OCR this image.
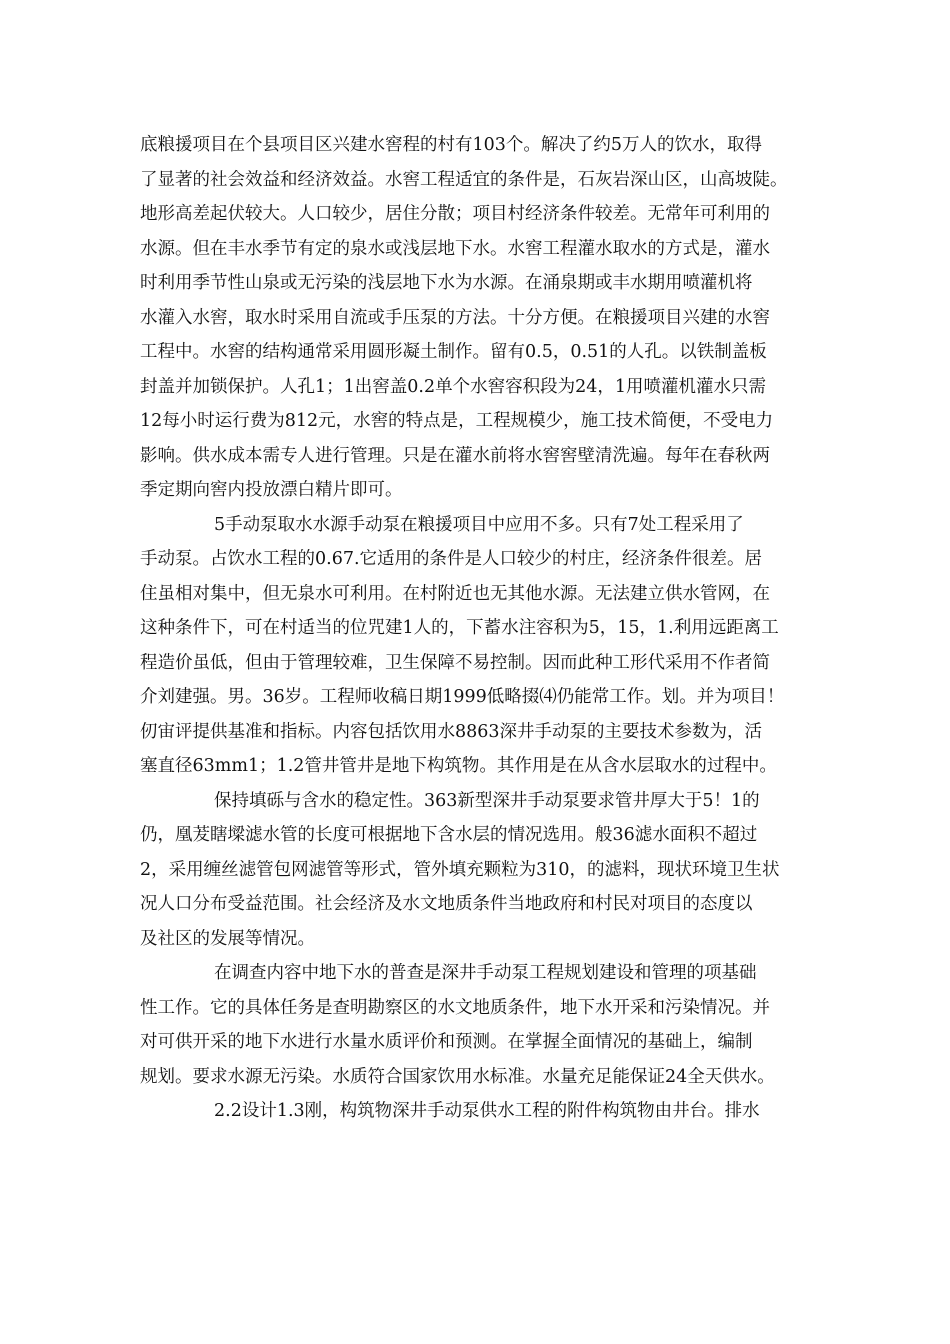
底粮援项目在个县项目区兴建水窖程的村有103个。解决了约5万人的饮水，取得
了显著的社会效益和经济效益。水窖工程适宜的条件是，石灰岩深山区，山高坡陡。
地形高差起伏较大。人口较少，居住分散；项目村经济条件较差。无常年可利用的
水源。但在丰水季节有定的泉水或浅层地下水。水窖工程灌水取水的方式是，灌水
时利用季节性山泉或无污染的浅层地下水为水源。在涌泉期或丰水期用喷灌机将
水灌入水窖，取水时采用自流或手压泵的方法。十分方便。在粮援项目兴建的水窖
工程中。水窖的结构通常采用圆形凝土制作。留有0.5，0.51的人孔。以铁制盖板
封盖并加锁保护。人孔1；1出窖盖0.2单个水窖容积段为24，1用喷灌机灌水只需
12每小时运行费为812元，水窖的特点是，工程规模少，施工技术简便，不受电力
影响。供水成本需专人进行管理。只是在灌水前将水窖窖壁清洗遍。每年在春秋两
季定期向窖内投放漂白精片即可。
5手动泵取水水源手动泵在粮援项目中应用不多。只有7处工程采用了
手动泵。占饮水工程的0.67.它适用的条件是人口较少的村庄，经济条件很差。居
住虽相对集中，但无泉水可利用。在村附近也无其他水源。无法建立供水管网，在
这种条件下，可在村适当的位咒建1人的，下蓄水注容积为5，15，1.利用远距离工
程造价虽低，但由于管理较难，卫生保障不易控制。因而此种工形代采用不作者简
介刘建强。男。36岁。工程师收稿日期1999低略掇⑷仍能常工作。划。并为项目！
仞宙评提供基准和指标。内容包括饮用水8863深井手动泵的主要技术参数为，活
塞直径63mm1；1.2管井管井是地下构筑物。其作用是在从含水层取水的过程中。
保持填砾与含水的稳定性。363新型深井手动泵要求管井厚大于5！1的
仍，凰茇瞎墚滤水管的长度可根据地下含水层的情况选用。般36滤水面积不超过
2，采用缠丝滤管包网滤管等形式，管外填充颗粒为310，的滤料，现状环境卫生状
况人口分布受益范围。社会经济及水文地质条件当地政府和村民对项目的态度以
及社区的发展等情况。
在调查内容中地下水的普查是深井手动泵工程规划建设和管理的项基础
性工作。它的具体任务是查明勘察区的水文地质条件，地下水开采和污染情况。并
对可供开采的地下水进行水量水质评价和预测。在掌握全面情况的基础上，编制
规划。要求水源无污染。水质符合国家饮用水标准。水量充足能保证24全天供水。
2.2设计1.3刚，构筑物深井手动泵供水工程的附件构筑物由井台。排水
